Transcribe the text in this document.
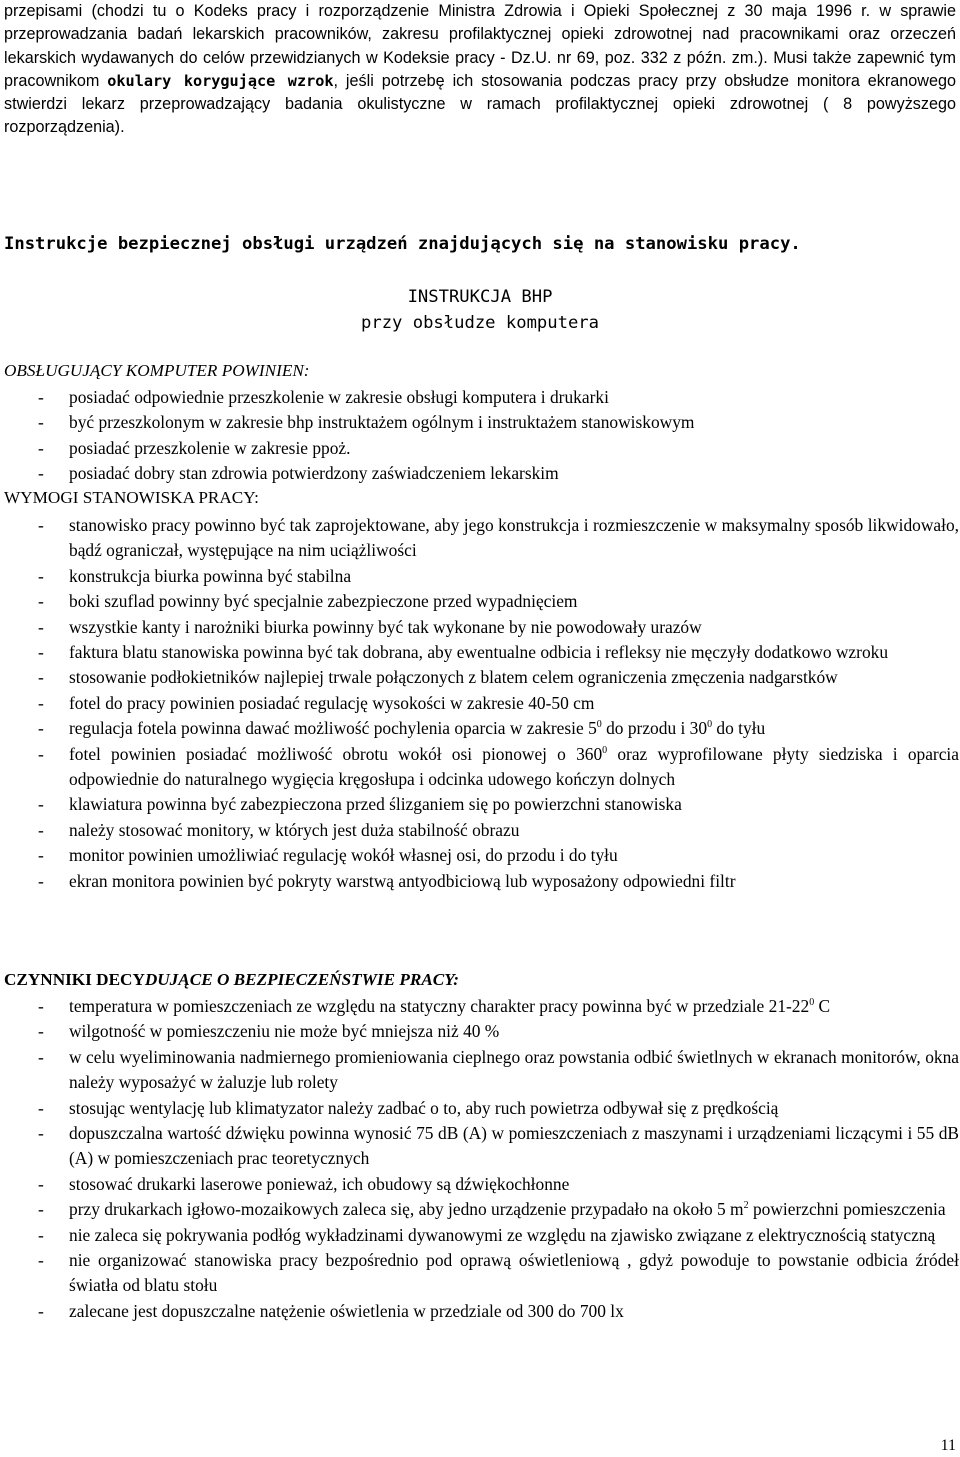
przepisami (chodzi tu o Kodeks pracy i rozporządzenie Ministra Zdrowia i Opieki Społecznej z 30 maja 1996 r. w sprawie przeprowadzania badań lekarskich pracowników, zakresu profilaktycznej opieki zdrowotnej nad pracownikami oraz orzeczeń lekarskich wydawanych do celów przewidzianych w Kodeksie pracy - Dz.U. nr 69, poz. 332 z późn. zm.). Musi także zapewnić tym pracownikom okulary korygujące wzrok, jeśli potrzebę ich stosowania podczas pracy przy obsłudze monitora ekranowego stwierdzi lekarz przeprowadzający badania okulistyczne w ramach profilaktycznej opieki zdrowotnej ( 8 powyższego rozporządzenia).

Instrukcje bezpiecznej obsługi urządzeń znajdujących się na stanowisku pracy.
INSTRUKCJA BHP
przy obsłudze komputera
OBSŁUGUJĄCY KOMPUTER POWINIEN:
- posiadać odpowiednie przeszkolenie w zakresie obsługi komputera i drukarki
- być przeszkolonym w zakresie bhp instruktażem ogólnym i instruktażem stanowiskowym
- posiadać przeszkolenie w zakresie ppoż.
- posiadać dobry stan zdrowia potwierdzony zaświadczeniem lekarskim
WYMOGI STANOWISKA PRACY:
- stanowisko pracy powinno być tak zaprojektowane, aby jego konstrukcja i rozmieszczenie w maksymalny sposób likwidowało, bądź ograniczał, występujące na nim uciążliwości
- konstrukcja biurka powinna być stabilna
- boki szuflad powinny być specjalnie zabezpieczone przed wypadnięciem
- wszystkie kanty i narożniki biurka powinny być tak wykonane by nie powodowały urazów
- faktura blatu stanowiska powinna być tak dobrana, aby ewentualne odbicia i refleksy nie męczyły dodatkowo wzroku
- stosowanie podłokietników najlepiej trwale połączonych z blatem celem ograniczenia zmęczenia nadgarstków
- fotel do pracy powinien posiadać regulację wysokości w zakresie 40-50 cm
- regulacja fotela powinna dawać możliwość pochylenia oparcia w zakresie $5^0$ do przodu i $30^0$ do tyłu
- fotel powinien posiadać możliwość obrotu wokół osi pionowej o $360^0$ oraz wyprofilowane płyty siedziska i oparcia odpowiednie do naturalnego wygięcia kręgosłupa i odcinka udowego kończyn dolnych
- klawiatura powinna być zabezpieczona przed ślizganiem się po powierzchni stanowiska
- należy stosować monitory, w których jest duża stabilność obrazu
- monitor powinien umożliwiać regulację wokół własnej osi, do przodu i do tyłu
- ekran monitora powinien być pokryty warstwą antyodbiciową lub wyposażony odpowiedni filtr
CZYNNIKI DECYDUJĄCE O BEZPIECZEŃSTWIE PRACY:
- temperatura w pomieszczeniach ze względu na statyczny charakter pracy powinna być w przedziale $21-22^0$ C
- wilgotność w pomieszczeniu nie może być mniejsza niż 40 %
- w celu wyeliminowania nadmiernego promieniowania cieplnego oraz powstania odbić świetlnych w ekranach monitorów, okna należy wyposażyć w żaluzje lub rolety
- stosując wentylację lub klimatyzator należy zadbać o to, aby ruch powietrza odbywał się z prędkością
- dopuszczalna wartość dźwięku powinna wynosić 75 dB (A) w pomieszczeniach z maszynami i urządzeniami liczącymi i 55 dB (A) w pomieszczeniach prac teoretycznych
- stosować drukarki laserowe ponieważ, ich obudowy są dźwiękochłonne
- przy drukarkach igłowo-mozaikowych zaleca się, aby jedno urządzenie przypadało na około 5 $m^2$ powierzchni pomieszczenia
- nie zaleca się pokrywania podłóg wykładzinami dywanowymi ze względu na zjawisko związane z elektrycznością statyczną
- nie organizować stanowiska pracy bezpośrednio pod oprawą oświetleniową , gdyż powoduje to powstanie odbicia źródeł światła od blatu stołu
- zalecane jest dopuszczalne natężenie oświetlenia w przedziale od 300 do 700 lx
11
